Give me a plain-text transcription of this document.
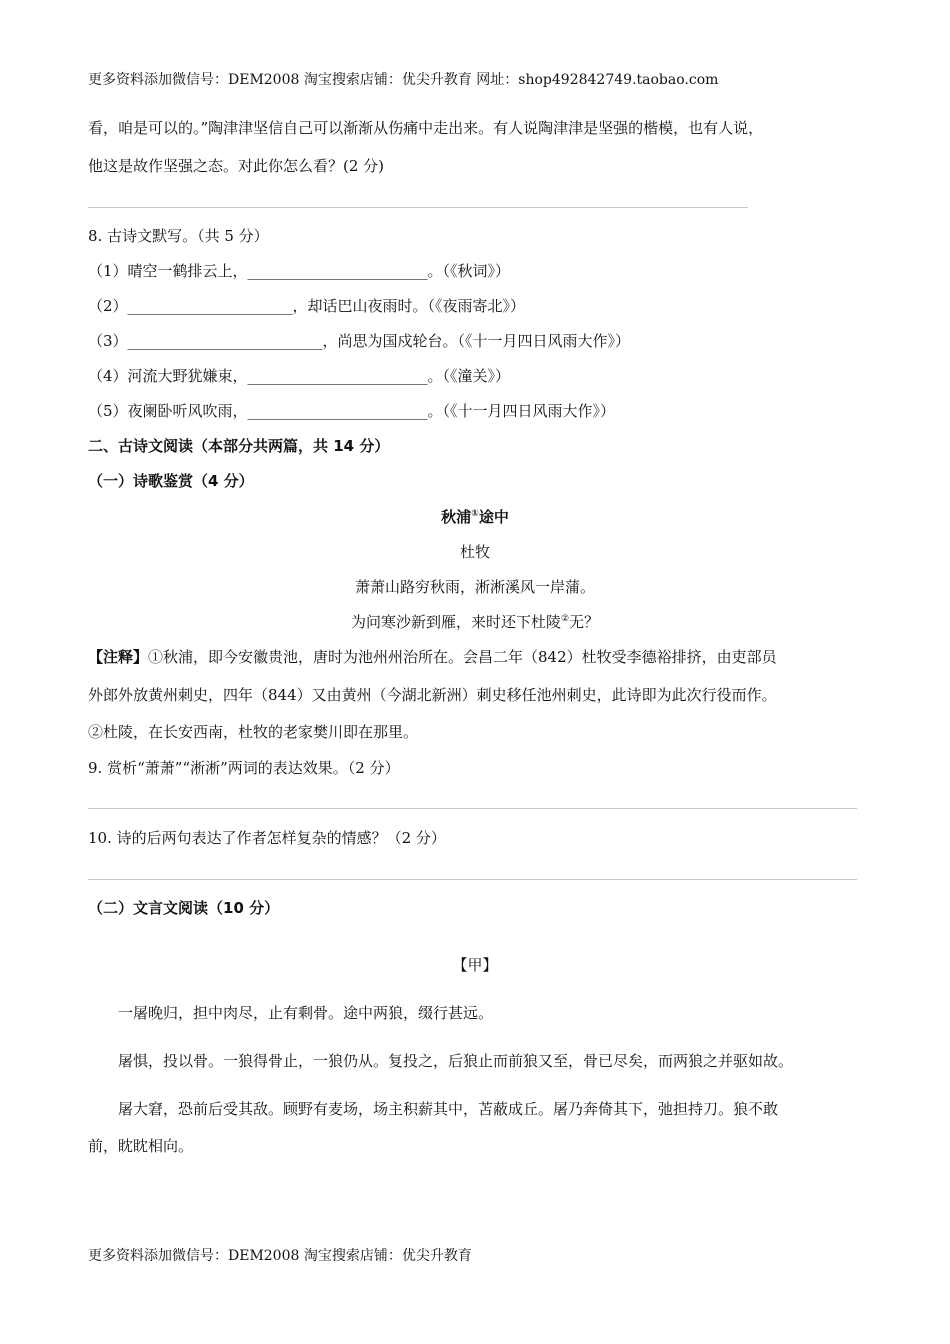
更多资料添加微信号：DEM2008 淘宝搜索店铺：优尖升教育 网址：shop492842749.taobao.com
看，咱是可以的。”陶津津坚信自己可以渐渐从伤痛中走出来。有人说陶津津是坚强的楷模，也有人说，
他这是故作坚强之态。对此你怎么看？(2 分)
8. 古诗文默写。（共 5 分）
（1）晴空一鹤排云上，________________________。（《秋词》）
（2）______________________，却话巴山夜雨时。（《夜雨寄北》）
（3）__________________________，尚思为国戍轮台。（《十一月四日风雨大作》）
（4）河流大野犹嫌束，________________________。（《潼关》）
（5）夜阑卧听风吹雨，________________________。（《十一月四日风雨大作》）
二、古诗文阅读（本部分共两篇，共 14 分）
（一）诗歌鉴赏（4 分）
秋浦①途中
杜牧
萧萧山路穷秋雨，淅淅溪风一岸蒲。
为问寒沙新到雁，来时还下杜陵②无？
【注释】①秋浦，即今安徽贵池，唐时为池州州治所在。会昌二年（842）杜牧受李德裕排挤，由吏部员
外郎外放黄州刺史，四年（844）又由黄州（今湖北新洲）刺史移任池州刺史，此诗即为此次行役而作。
②杜陵，在长安西南，杜牧的老家樊川即在那里。
9. 赏析“萧萧”“淅淅”两词的表达效果。（2 分）
10. 诗的后两句表达了作者怎样复杂的情感？（2 分）
（二）文言文阅读（10 分）
【甲】
一屠晚归，担中肉尽，止有剩骨。途中两狼，缀行甚远。
屠惧，投以骨。一狼得骨止，一狼仍从。复投之，后狼止而前狼又至，骨已尽矣，而两狼之并驱如故。
屠大窘，恐前后受其敌。顾野有麦场，场主积薪其中，苫蔽成丘。屠乃奔倚其下，弛担持刀。狼不敢
前，眈眈相向。
更多资料添加微信号：DEM2008 淘宝搜索店铺：优尖升教育
